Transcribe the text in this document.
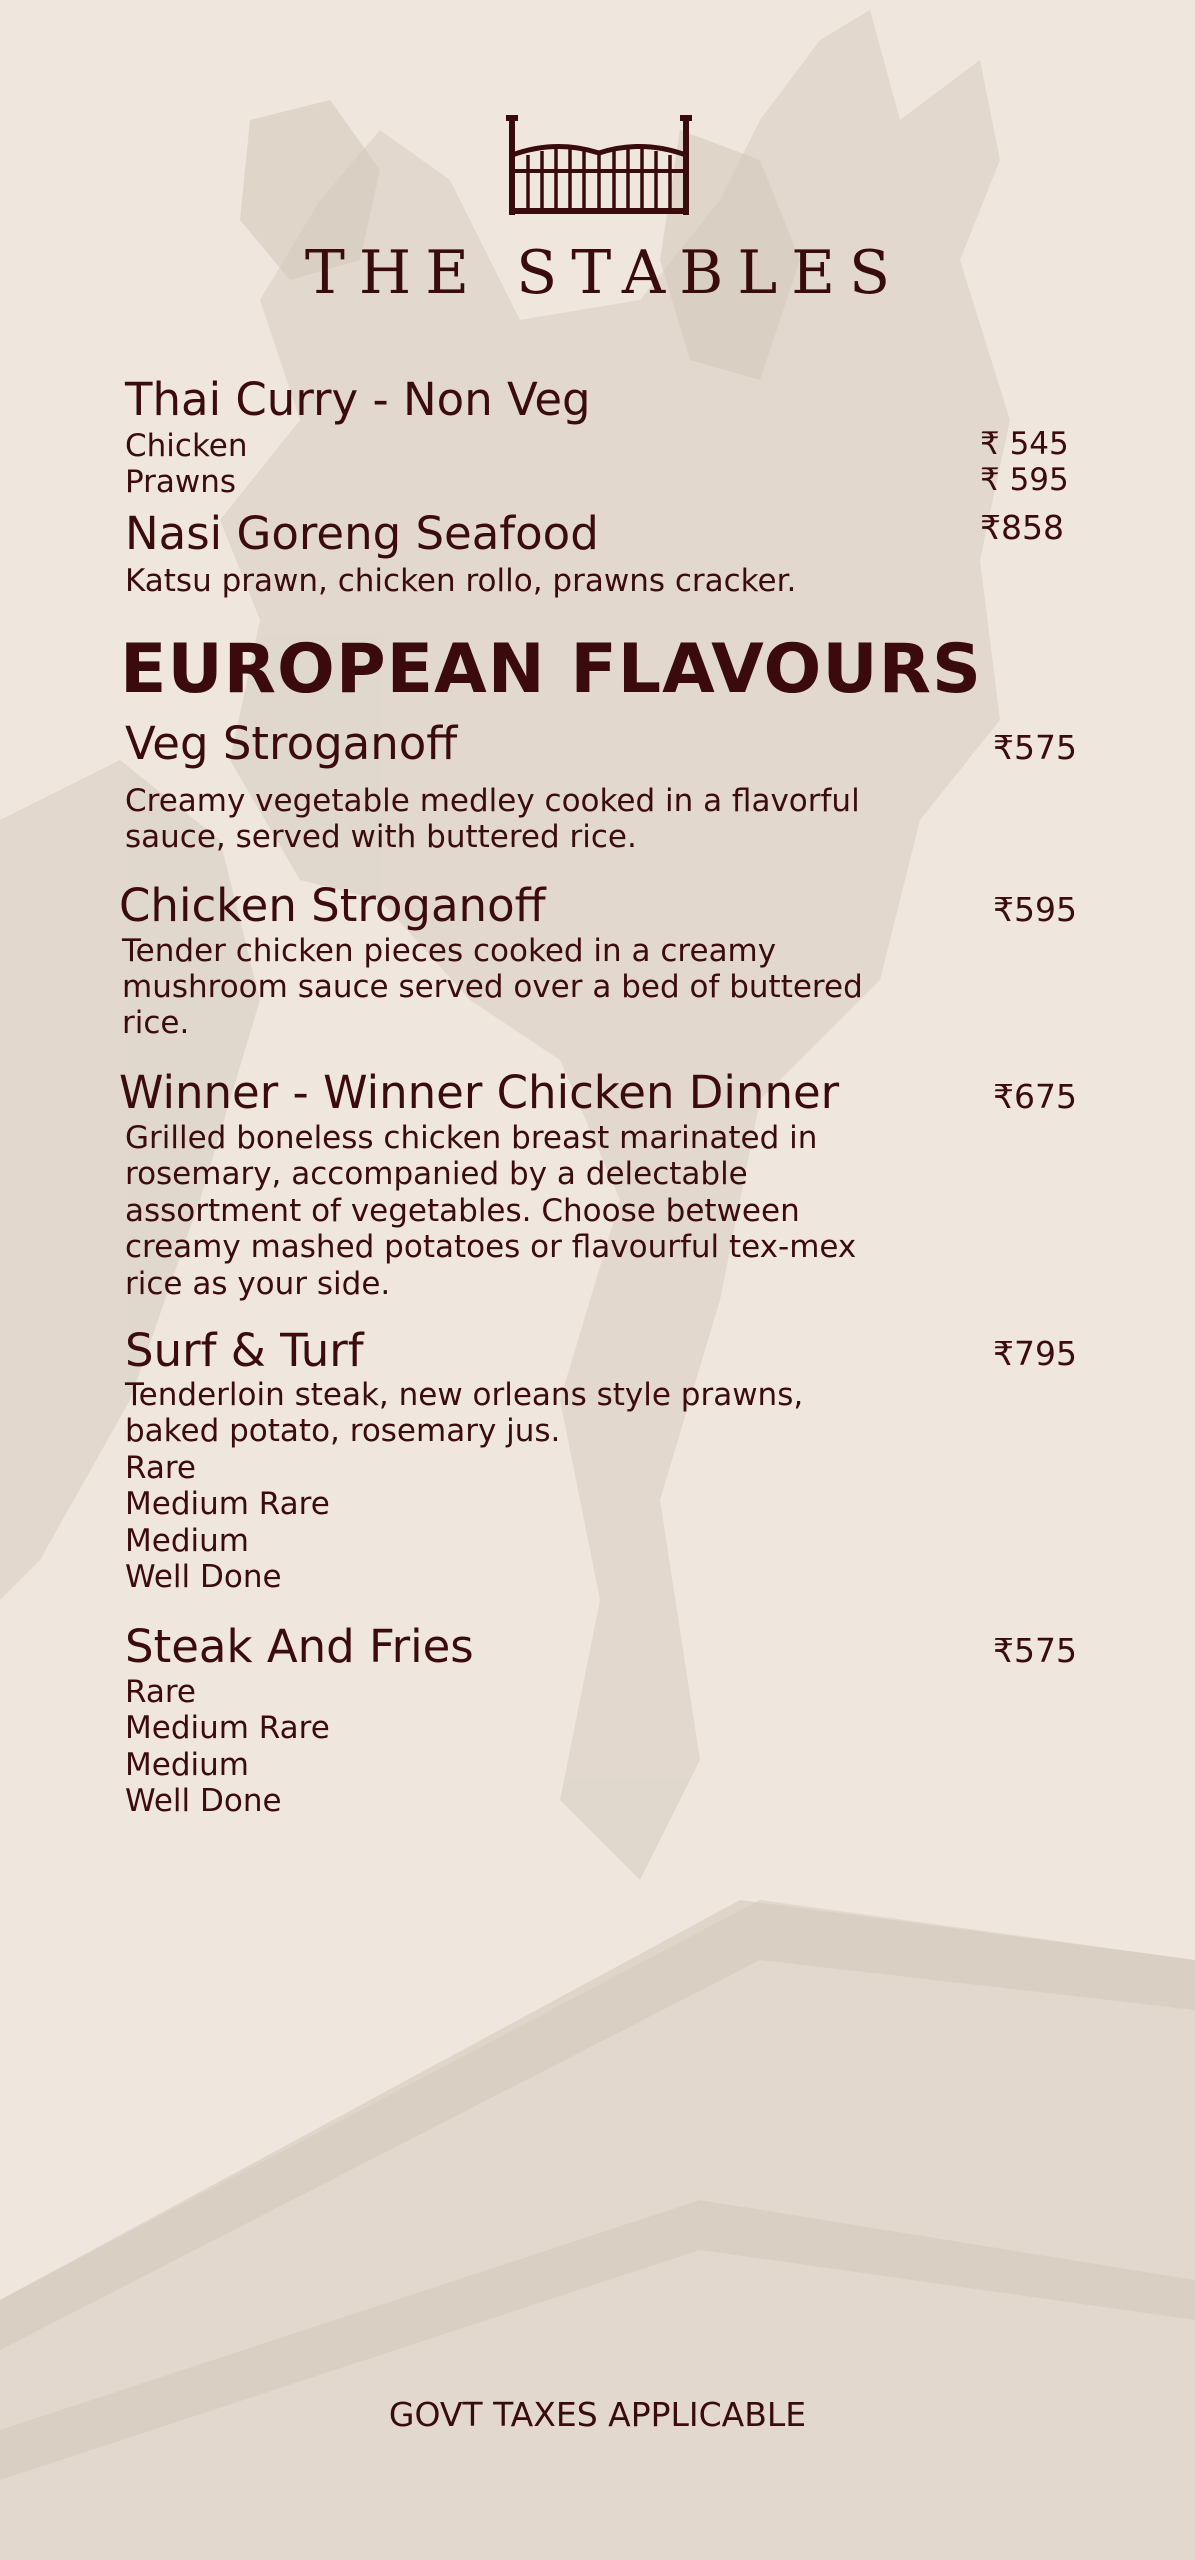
THE STABLES
Thai Curry - Non Veg
Chicken	₹ 545
Prawns	₹ 595
Nasi Goreng Seafood	₹858
Katsu prawn, chicken rollo, prawns cracker.
EUROPEAN FLAVOURS
Veg Stroganoff	₹575
Creamy vegetable medley cooked in a flavorful
sauce, served with buttered rice.
Chicken Stroganoff	₹595
Tender chicken pieces cooked in a creamy
mushroom sauce served over a bed of buttered
rice.
Winner - Winner Chicken Dinner	₹675
Grilled boneless chicken breast marinated in
rosemary, accompanied by a delectable
assortment of vegetables. Choose between
creamy mashed potatoes or flavourful tex-mex
rice as your side.
Surf & Turf	₹795
Tenderloin steak, new orleans style prawns,
baked potato, rosemary jus.
Rare
Medium Rare
Medium
Well Done
Steak And Fries	₹575
Rare
Medium Rare
Medium
Well Done
GOVT TAXES APPLICABLE
